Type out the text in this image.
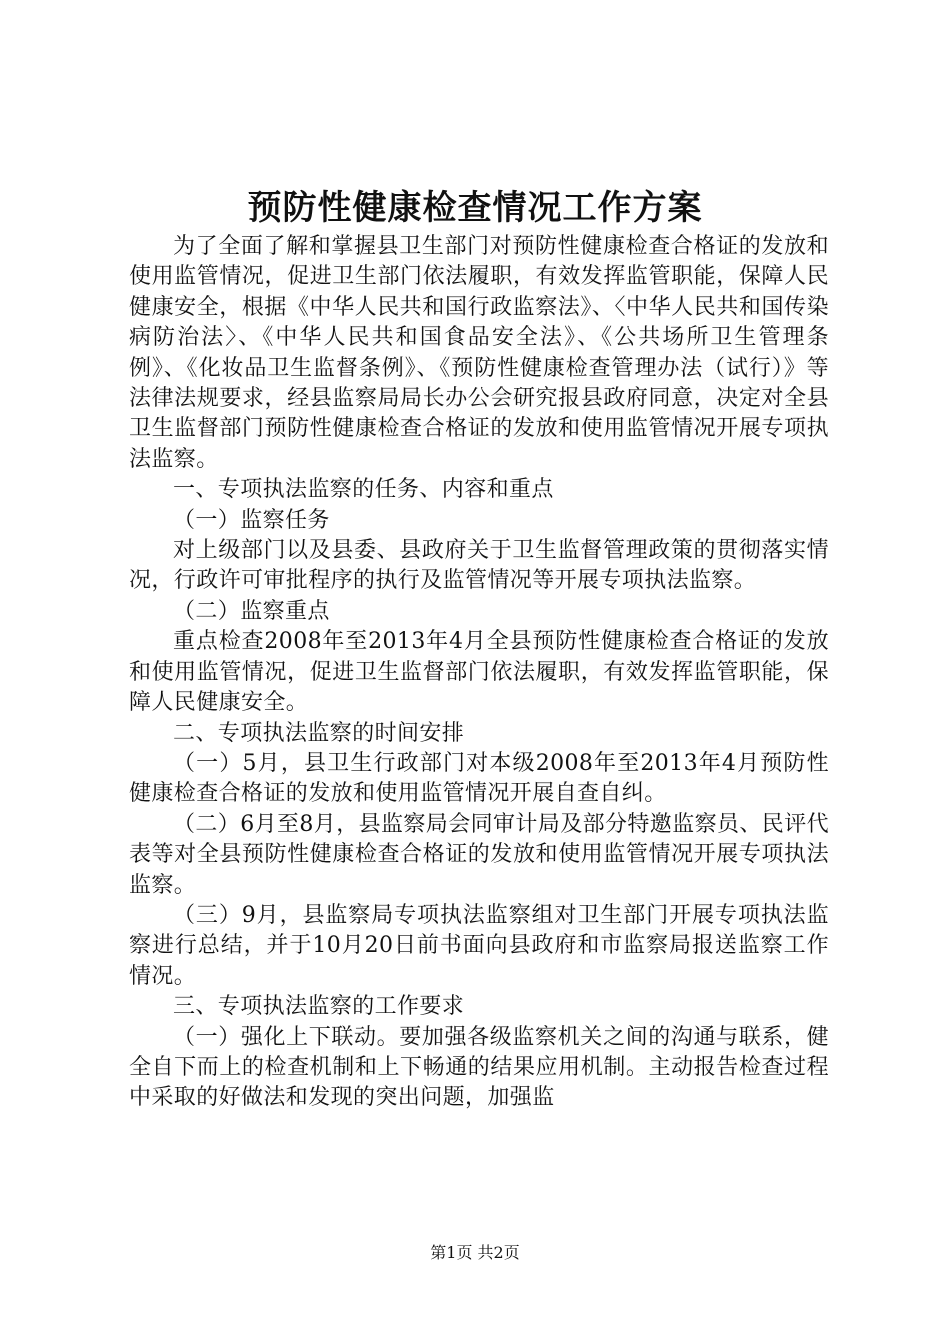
预防性健康检查情况工作方案

为了全面了解和掌握县卫生部门对预防性健康检查合格证的发放和使用监管情况，促进卫生部门依法履职，有效发挥监管职能，保障人民健康安全，根据《中华人民共和国行政监察法》、〈中华人民共和国传染病防治法〉、《中华人民共和国食品安全法》、《公共场所卫生管理条例》、《化妆品卫生监督条例》、《预防性健康检查管理办法（试行）》等法律法规要求，经县监察局局长办公会研究报县政府同意，决定对全县卫生监督部门预防性健康检查合格证的发放和使用监管情况开展专项执法监察。

一、专项执法监察的任务、内容和重点

（一）监察任务

对上级部门以及县委、县政府关于卫生监督管理政策的贯彻落实情况，行政许可审批程序的执行及监管情况等开展专项执法监察。

（二）监察重点

重点检查2008年至2013年4月全县预防性健康检查合格证的发放和使用监管情况，促进卫生监督部门依法履职，有效发挥监管职能，保障人民健康安全。

二、专项执法监察的时间安排

（一）5月，县卫生行政部门对本级2008年至2013年4月预防性健康检查合格证的发放和使用监管情况开展自查自纠。

（二）6月至8月，县监察局会同审计局及部分特邀监察员、民评代表等对全县预防性健康检查合格证的发放和使用监管情况开展专项执法监察。

（三）9月，县监察局专项执法监察组对卫生部门开展专项执法监察进行总结，并于10月20日前书面向县政府和市监察局报送监察工作情况。

三、专项执法监察的工作要求

（一）强化上下联动。要加强各级监察机关之间的沟通与联系，健全自下而上的检查机制和上下畅通的结果应用机制。主动报告检查过程中采取的好做法和发现的突出问题，加强监

第1页 共2页
